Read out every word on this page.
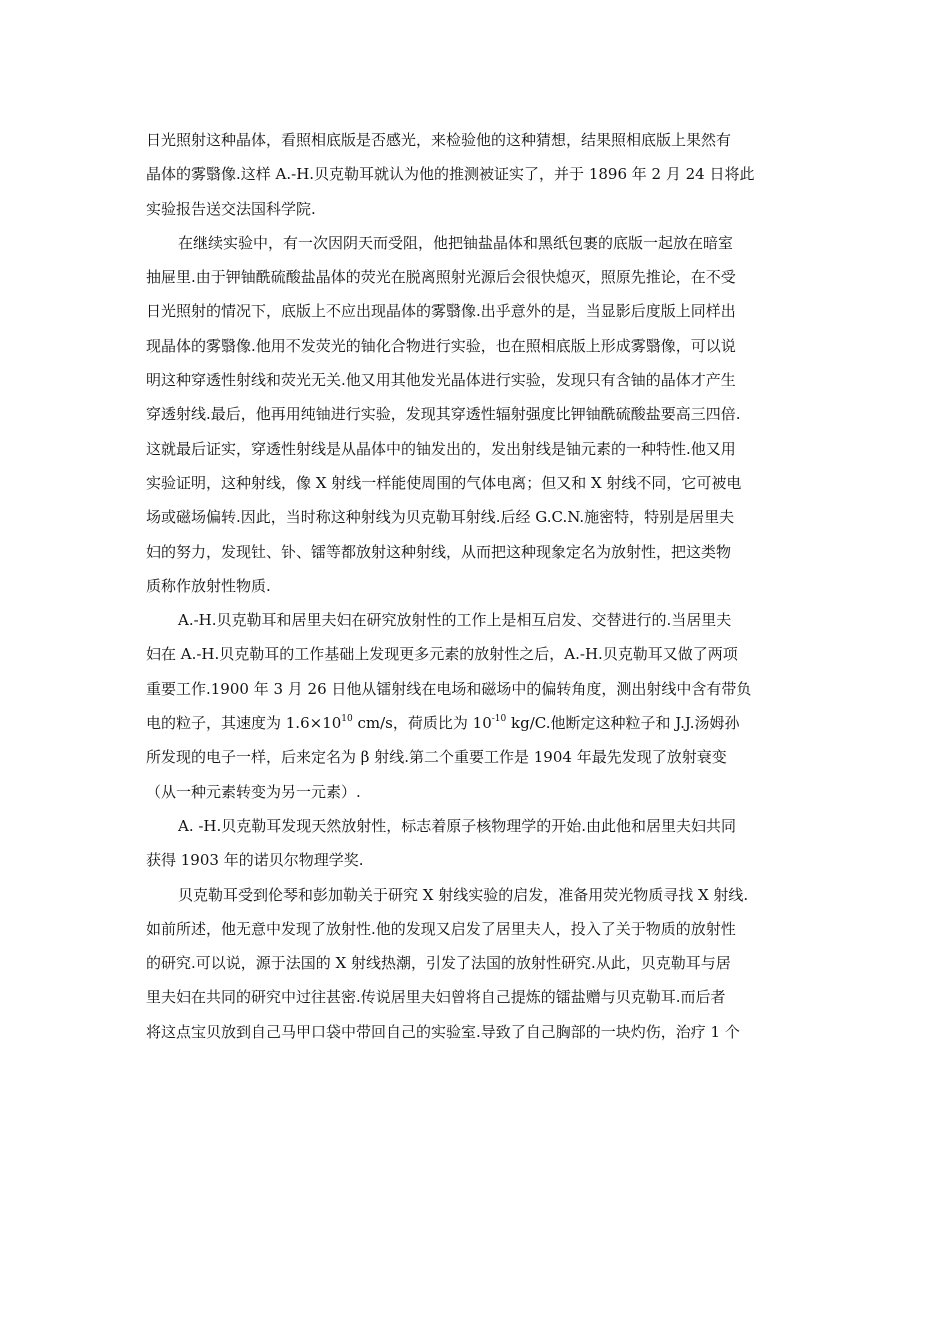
日光照射这种晶体，看照相底版是否感光，来检验他的这种猜想，结果照相底版上果然有
晶体的雾翳像.这样 A.-H.贝克勒耳就认为他的推测被证实了，并于 1896 年 2 月 24 日将此
实验报告送交法国科学院.
在继续实验中，有一次因阴天而受阻，他把铀盐晶体和黑纸包裹的底版一起放在暗室
抽屉里.由于钾铀酰硫酸盐晶体的荧光在脱离照射光源后会很快熄灭，照原先推论，在不受
日光照射的情况下，底版上不应出现晶体的雾翳像.出乎意外的是，当显影后度版上同样出
现晶体的雾翳像.他用不发荧光的铀化合物进行实验，也在照相底版上形成雾翳像，可以说
明这种穿透性射线和荧光无关.他又用其他发光晶体进行实验，发现只有含铀的晶体才产生
穿透射线.最后，他再用纯铀进行实验，发现其穿透性辐射强度比钾铀酰硫酸盐要高三四倍.
这就最后证实，穿透性射线是从晶体中的铀发出的，发出射线是铀元素的一种特性.他又用
实验证明，这种射线，像 X 射线一样能使周围的气体电离；但又和 X 射线不同，它可被电
场或磁场偏转.因此，当时称这种射线为贝克勒耳射线.后经 G.C.N.施密特，特别是居里夫
妇的努力，发现钍、钋、镭等都放射这种射线，从而把这种现象定名为放射性，把这类物
质称作放射性物质.
A.-H.贝克勒耳和居里夫妇在研究放射性的工作上是相互启发、交替进行的.当居里夫
妇在 A.-H.贝克勒耳的工作基础上发现更多元素的放射性之后，A.-H.贝克勒耳又做了两项
重要工作.1900 年 3 月 26 日他从镭射线在电场和磁场中的偏转角度，测出射线中含有带负
电的粒子，其速度为 $1.6\times 10^{10}$ cm/s，荷质比为 $10^{-10}$ kg/C.他断定这种粒子和 J.J.汤姆孙
所发现的电子一样，后来定名为 β 射线.第二个重要工作是 1904 年最先发现了放射衰变
（从一种元素转变为另一元素）.
A. -H.贝克勒耳发现天然放射性，标志着原子核物理学的开始.由此他和居里夫妇共同
获得 1903 年的诺贝尔物理学奖.
贝克勒耳受到伦琴和彭加勒关于研究 X 射线实验的启发，准备用荧光物质寻找 X 射线.
如前所述，他无意中发现了放射性.他的发现又启发了居里夫人，投入了关于物质的放射性
的研究.可以说，源于法国的 X 射线热潮，引发了法国的放射性研究.从此，贝克勒耳与居
里夫妇在共同的研究中过往甚密.传说居里夫妇曾将自己提炼的镭盐赠与贝克勒耳.而后者
将这点宝贝放到自己马甲口袋中带回自己的实验室.导致了自己胸部的一块灼伤，治疗 1 个
